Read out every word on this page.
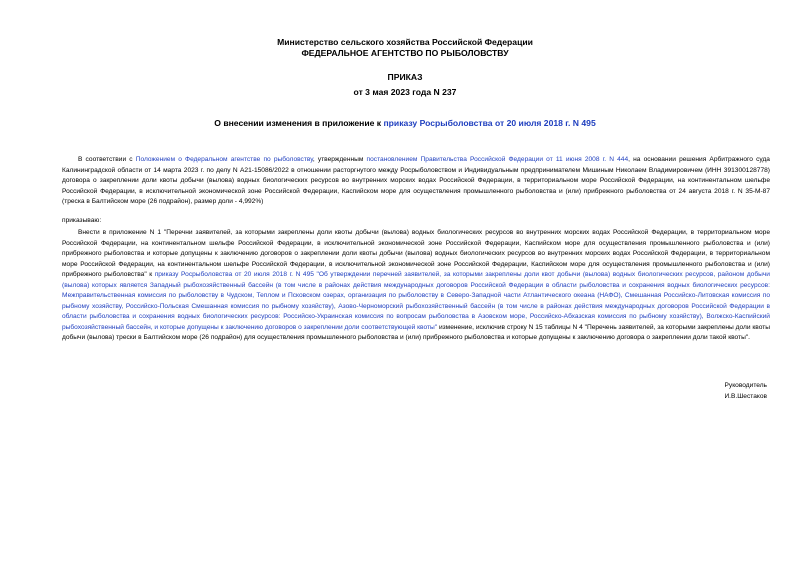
Министерство сельского хозяйства Российской Федерации
ФЕДЕРАЛЬНОЕ АГЕНТСТВО ПО РЫБОЛОВСТВУ
ПРИКАЗ
от 3 мая 2023 года N 237
О внесении изменения в приложение к приказу Росрыболовства от 20 июля 2018 г. N 495
В соответствии с Положением о Федеральном агентстве по рыболовству, утвержденным постановлением Правительства Российской Федерации от 11 июня 2008 г. N 444, на основании решения Арбитражного суда Калининградской области от 14 марта 2023 г. по делу N А21-15086/2022 в отношении расторгнутого между Росрыболовством и Индивидуальным предпринимателем Мишиным Николаем Владимировичем (ИНН 391300128778) договора о закреплении доли квоты добычи (вылова) водных биологических ресурсов во внутренних морских водах Российской Федерации, в территориальном море Российской Федерации, на континентальном шельфе Российской Федерации, в исключительной экономической зоне Российской Федерации, Каспийском море для осуществления промышленного рыболовства и (или) прибрежного рыболовства от 24 августа 2018 г. N 35-М-87 (треска в Балтийском море (26 подрайон), размер доли - 4,992%)
приказываю:
Внести в приложение N 1 "Перечни заявителей, за которыми закреплены доли квоты добычи (вылова) водных биологических ресурсов во внутренних морских водах Российской Федерации, в территориальном море Российской Федерации, на континентальном шельфе Российской Федерации, в исключительной экономической зоне Российской Федерации, Каспийском море для осуществления промышленного рыболовства и (или) прибрежного рыболовства и которые допущены к заключению договоров о закреплении доли квоты добычи (вылова) водных биологических ресурсов во внутренних морских водах Российской Федерации, в территориальном море Российской Федерации, на континентальном шельфе Российской Федерации, в исключительной экономической зоне Российской Федерации, Каспийском море для осуществления промышленного рыболовства и (или) прибрежного рыболовства" к приказу Росрыболовства от 20 июля 2018 г. N 495 "Об утверждении перечней заявителей, за которыми закреплены доли квот добычи (вылова) водных биологических ресурсов, районом добычи (вылова) которых является Западный рыбохозяйственный бассейн (в том числе в районах действия международных договоров Российской Федерации в области рыболовства и сохранения водных биологических ресурсов: Межправительственная комиссия по рыболовству в Чудском, Теплом и Псковском озерах, организация по рыболовству в Северо-Западной части Атлантического океана (НАФО), Смешанная Российско-Литовская комиссия по рыбному хозяйству, Российско-Польская Смешанная комиссия по рыбному хозяйству), Азово-Черноморский рыбохозяйственный бассейн (в том числе в районах действия международных договоров Российской Федерации в области рыболовства и сохранения водных биологических ресурсов: Российско-Украинская комиссия по вопросам рыболовства в Азовском море, Российско-Абхазская комиссия по рыбному хозяйству), Волжско-Каспийский рыбохозяйственный бассейн, и которые допущены к заключению договоров о закреплении доли соответствующей квоты" изменение, исключив строку N 15 таблицы N 4 "Перечень заявителей, за которыми закреплены доли квоты добычи (вылова) трески в Балтийском море (26 подрайон) для осуществления промышленного рыболовства и (или) прибрежного рыболовства и которые допущены к заключению договора о закреплении доли такой квоты".
Руководитель
И.В.Шестаков
